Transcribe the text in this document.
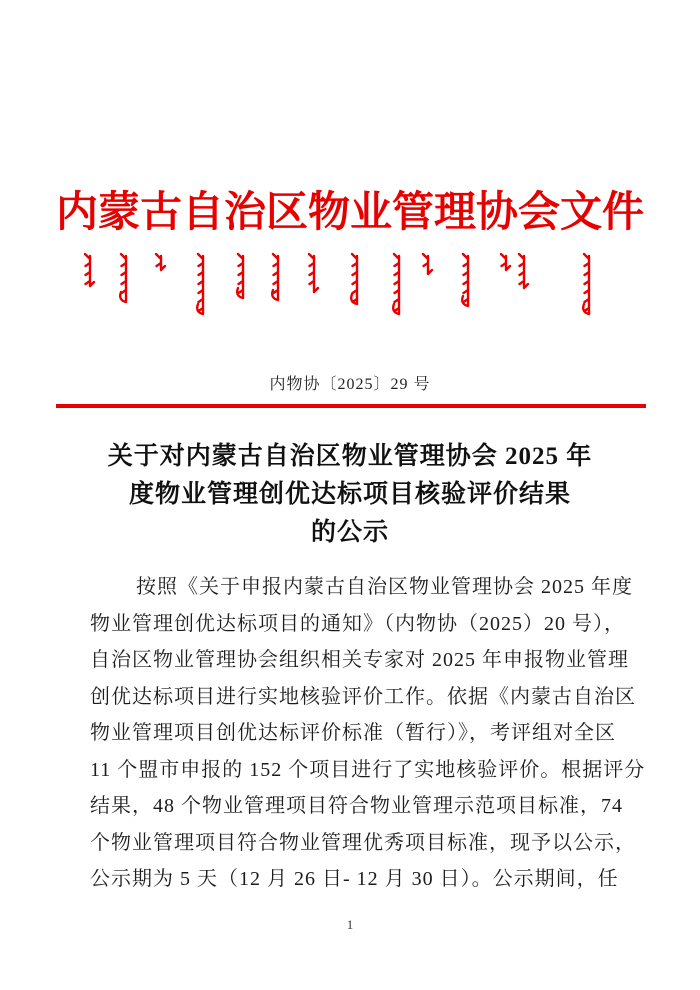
内蒙古自治区物业管理协会文件
内物协〔2025〕29 号
关于对内蒙古自治区物业管理协会 2025 年
度物业管理创优达标项目核验评价结果
的公示
按照《关于申报内蒙古自治区物业管理协会 2025 年度
物业管理创优达标项目的通知》（内物协（2025）20 号），
自治区物业管理协会组织相关专家对 2025 年申报物业管理
创优达标项目进行实地核验评价工作。依据《内蒙古自治区
物业管理项目创优达标评价标准（暂行）》，考评组对全区
11 个盟市申报的 152 个项目进行了实地核验评价。根据评分
结果，48 个物业管理项目符合物业管理示范项目标准，74
个物业管理项目符合物业管理优秀项目标准，现予以公示，
公示期为 5 天（12 月 26 日- 12 月 30 日）。公示期间，任
1
